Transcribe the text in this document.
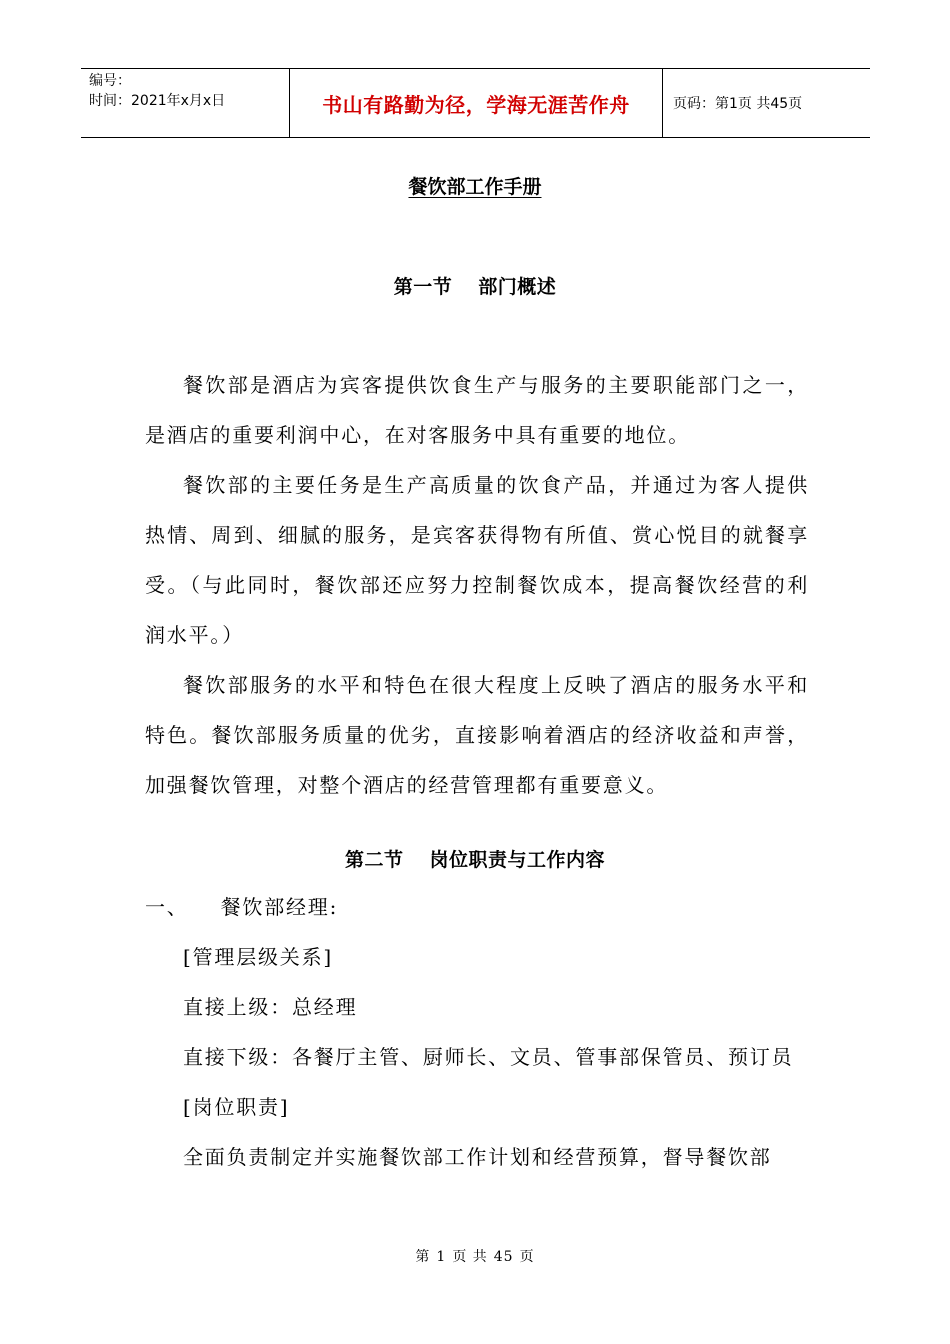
编号：
时间：2021年x月x日	书山有路勤为径，学海无涯苦作舟	页码：第1页 共45页
餐饮部工作手册
第一节 部门概述

餐饮部是酒店为宾客提供饮食生产与服务的主要职能部门之一，是酒店的重要利润中心，在对客服务中具有重要的地位。

餐饮部的主要任务是生产高质量的饮食产品，并通过为客人提供热情、周到、细腻的服务，是宾客获得物有所值、赏心悦目的就餐享受。（与此同时，餐饮部还应努力控制餐饮成本，提高餐饮经营的利润水平。）

餐饮部服务的水平和特色在很大程度上反映了酒店的服务水平和特色。餐饮部服务质量的优劣，直接影响着酒店的经济收益和声誉，加强餐饮管理，对整个酒店的经营管理都有重要意义。

第二节 岗位职责与工作内容

一、 餐饮部经理:

[管理层级关系]

直接上级：总经理

直接下级：各餐厅主管、厨师长、文员、管事部保管员、预订员

[岗位职责]

全面负责制定并实施餐饮部工作计划和经营预算，督导餐饮部

第 1 页 共 45 页
